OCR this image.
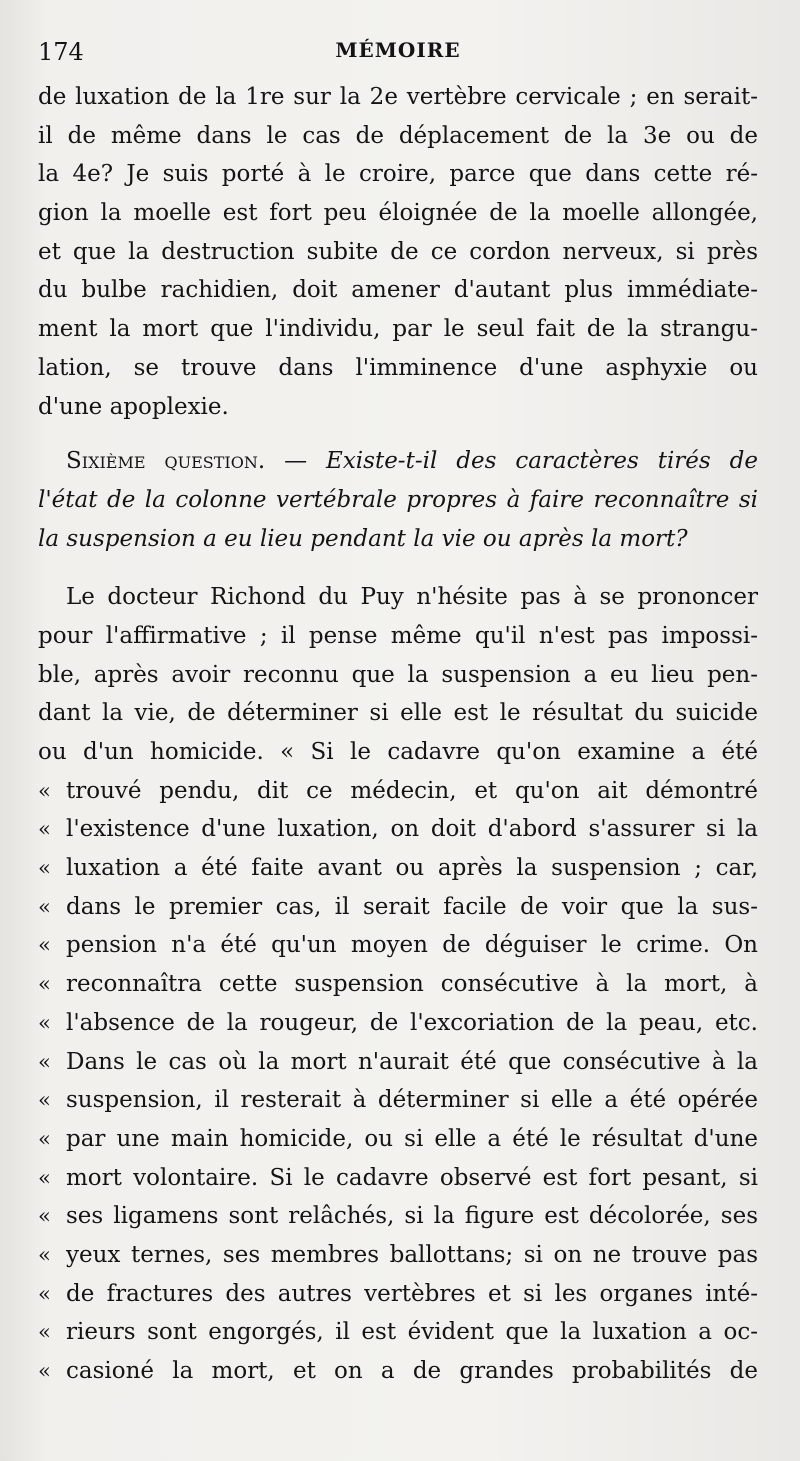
174	MÉMOIRE
de luxation de la 1re sur la 2e vertèbre cervicale ; en serait-
il de même dans le cas de déplacement de la 3e ou de
la 4e? Je suis porté à le croire, parce que dans cette ré-
gion la moelle est fort peu éloignée de la moelle allongée,
et que la destruction subite de ce cordon nerveux, si près
du bulbe rachidien, doit amener d'autant plus immédiate-
ment la mort que l'individu, par le seul fait de la strangu-
lation, se trouve dans l'imminence d'une asphyxie ou
d'une apoplexie.
Sixième question. — Existe-t-il des caractères tirés de
l'état de la colonne vertébrale propres à faire reconnaître si
la suspension a eu lieu pendant la vie ou après la mort?
Le docteur Richond du Puy n'hésite pas à se prononcer
pour l'affirmative ; il pense même qu'il n'est pas impossi-
ble, après avoir reconnu que la suspension a eu lieu pen-
dant la vie, de déterminer si elle est le résultat du suicide
ou d'un homicide. « Si le cadavre qu'on examine a été
« trouvé pendu, dit ce médecin, et qu'on ait démontré
« l'existence d'une luxation, on doit d'abord s'assurer si la
« luxation a été faite avant ou après la suspension ; car,
« dans le premier cas, il serait facile de voir que la sus-
« pension n'a été qu'un moyen de déguiser le crime. On
« reconnaîtra cette suspension consécutive à la mort, à
« l'absence de la rougeur, de l'excoriation de la peau, etc.
« Dans le cas où la mort n'aurait été que consécutive à la
« suspension, il resterait à déterminer si elle a été opérée
« par une main homicide, ou si elle a été le résultat d'une
« mort volontaire. Si le cadavre observé est fort pesant, si
« ses ligamens sont relâchés, si la figure est décolorée, ses
« yeux ternes, ses membres ballottans; si on ne trouve pas
« de fractures des autres vertèbres et si les organes inté-
« rieurs sont engorgés, il est évident que la luxation a oc-
« casioné la mort, et on a de grandes probabilités de
